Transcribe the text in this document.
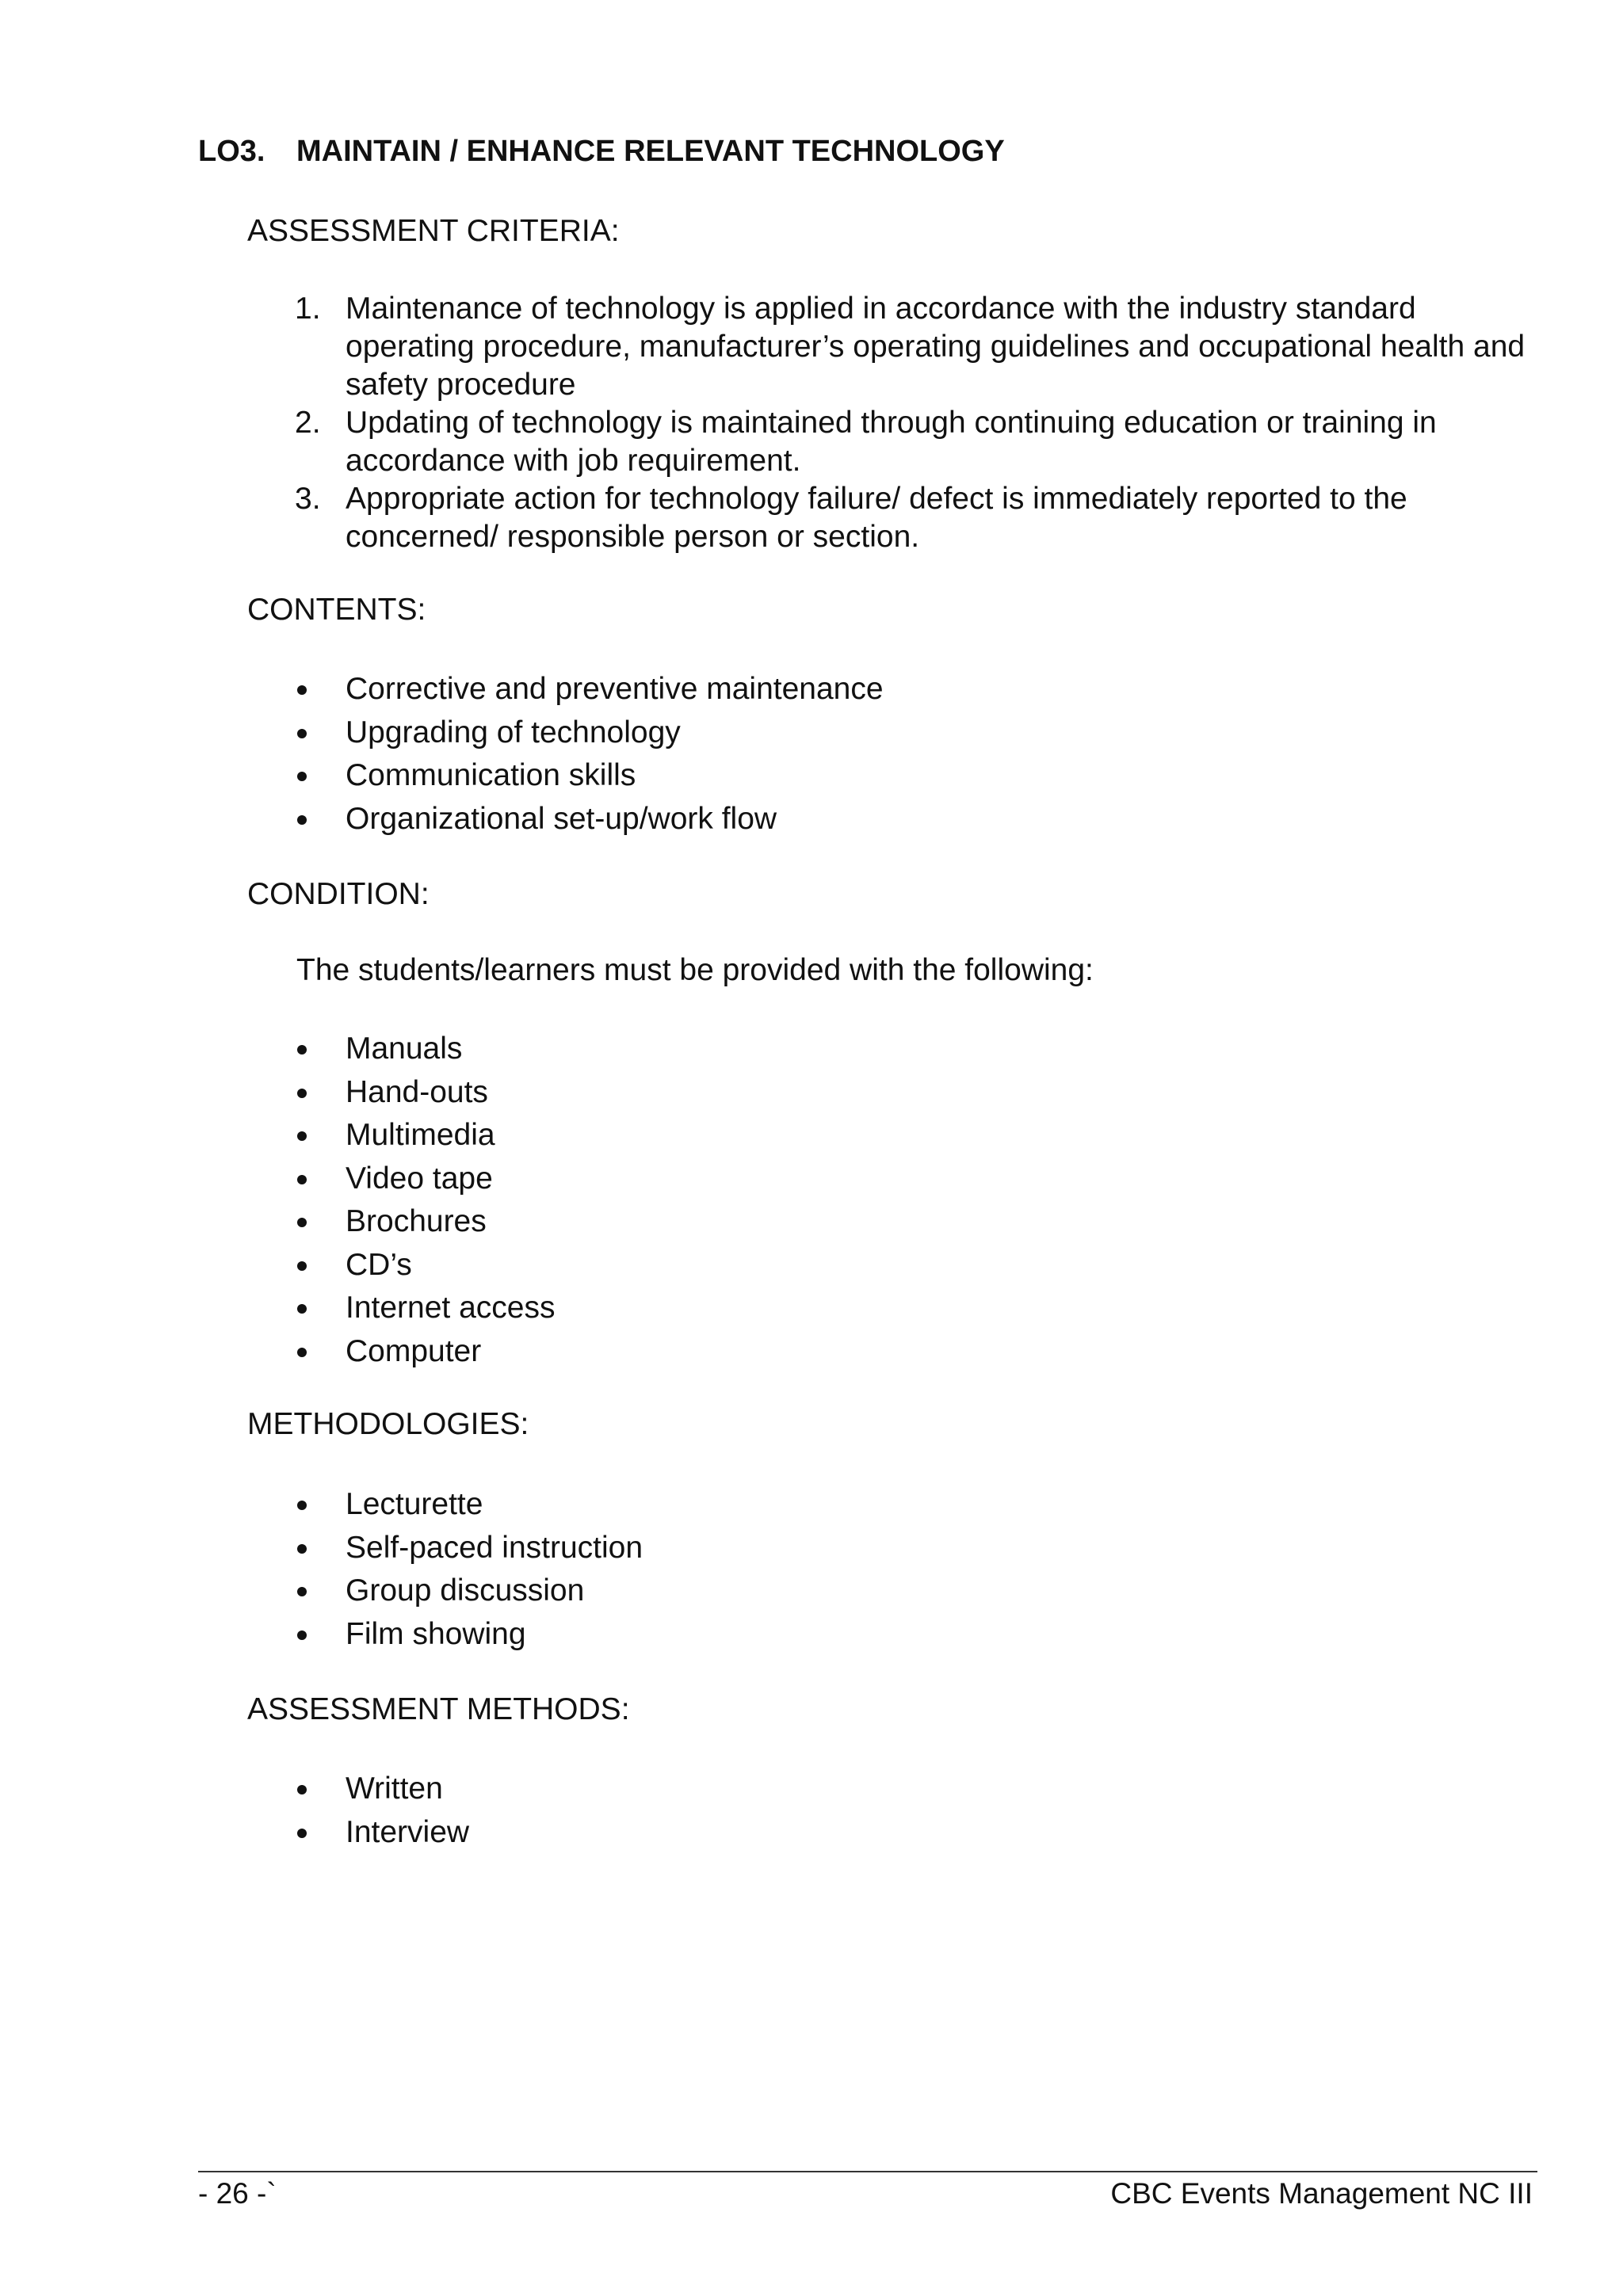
LO3. MAINTAIN / ENHANCE RELEVANT TECHNOLOGY

ASSESSMENT CRITERIA:

1. Maintenance of technology is applied in accordance with the industry standard operating procedure, manufacturer’s operating guidelines and occupational health and safety procedure
2. Updating of technology is maintained through continuing education or training in accordance with job requirement.
3. Appropriate action for technology failure/ defect is immediately reported to the concerned/ responsible person or section.

CONTENTS:

Corrective and preventive maintenance
Upgrading of technology
Communication skills
Organizational set-up/work flow

CONDITION:

The students/learners must be provided with the following:

Manuals
Hand-outs
Multimedia
Video tape
Brochures
CD’s
Internet access
Computer

METHODOLOGIES:

Lecturette
Self-paced instruction
Group discussion
Film showing

ASSESSMENT METHODS:

Written
Interview
- 26 -`	CBC Events Management NC III
